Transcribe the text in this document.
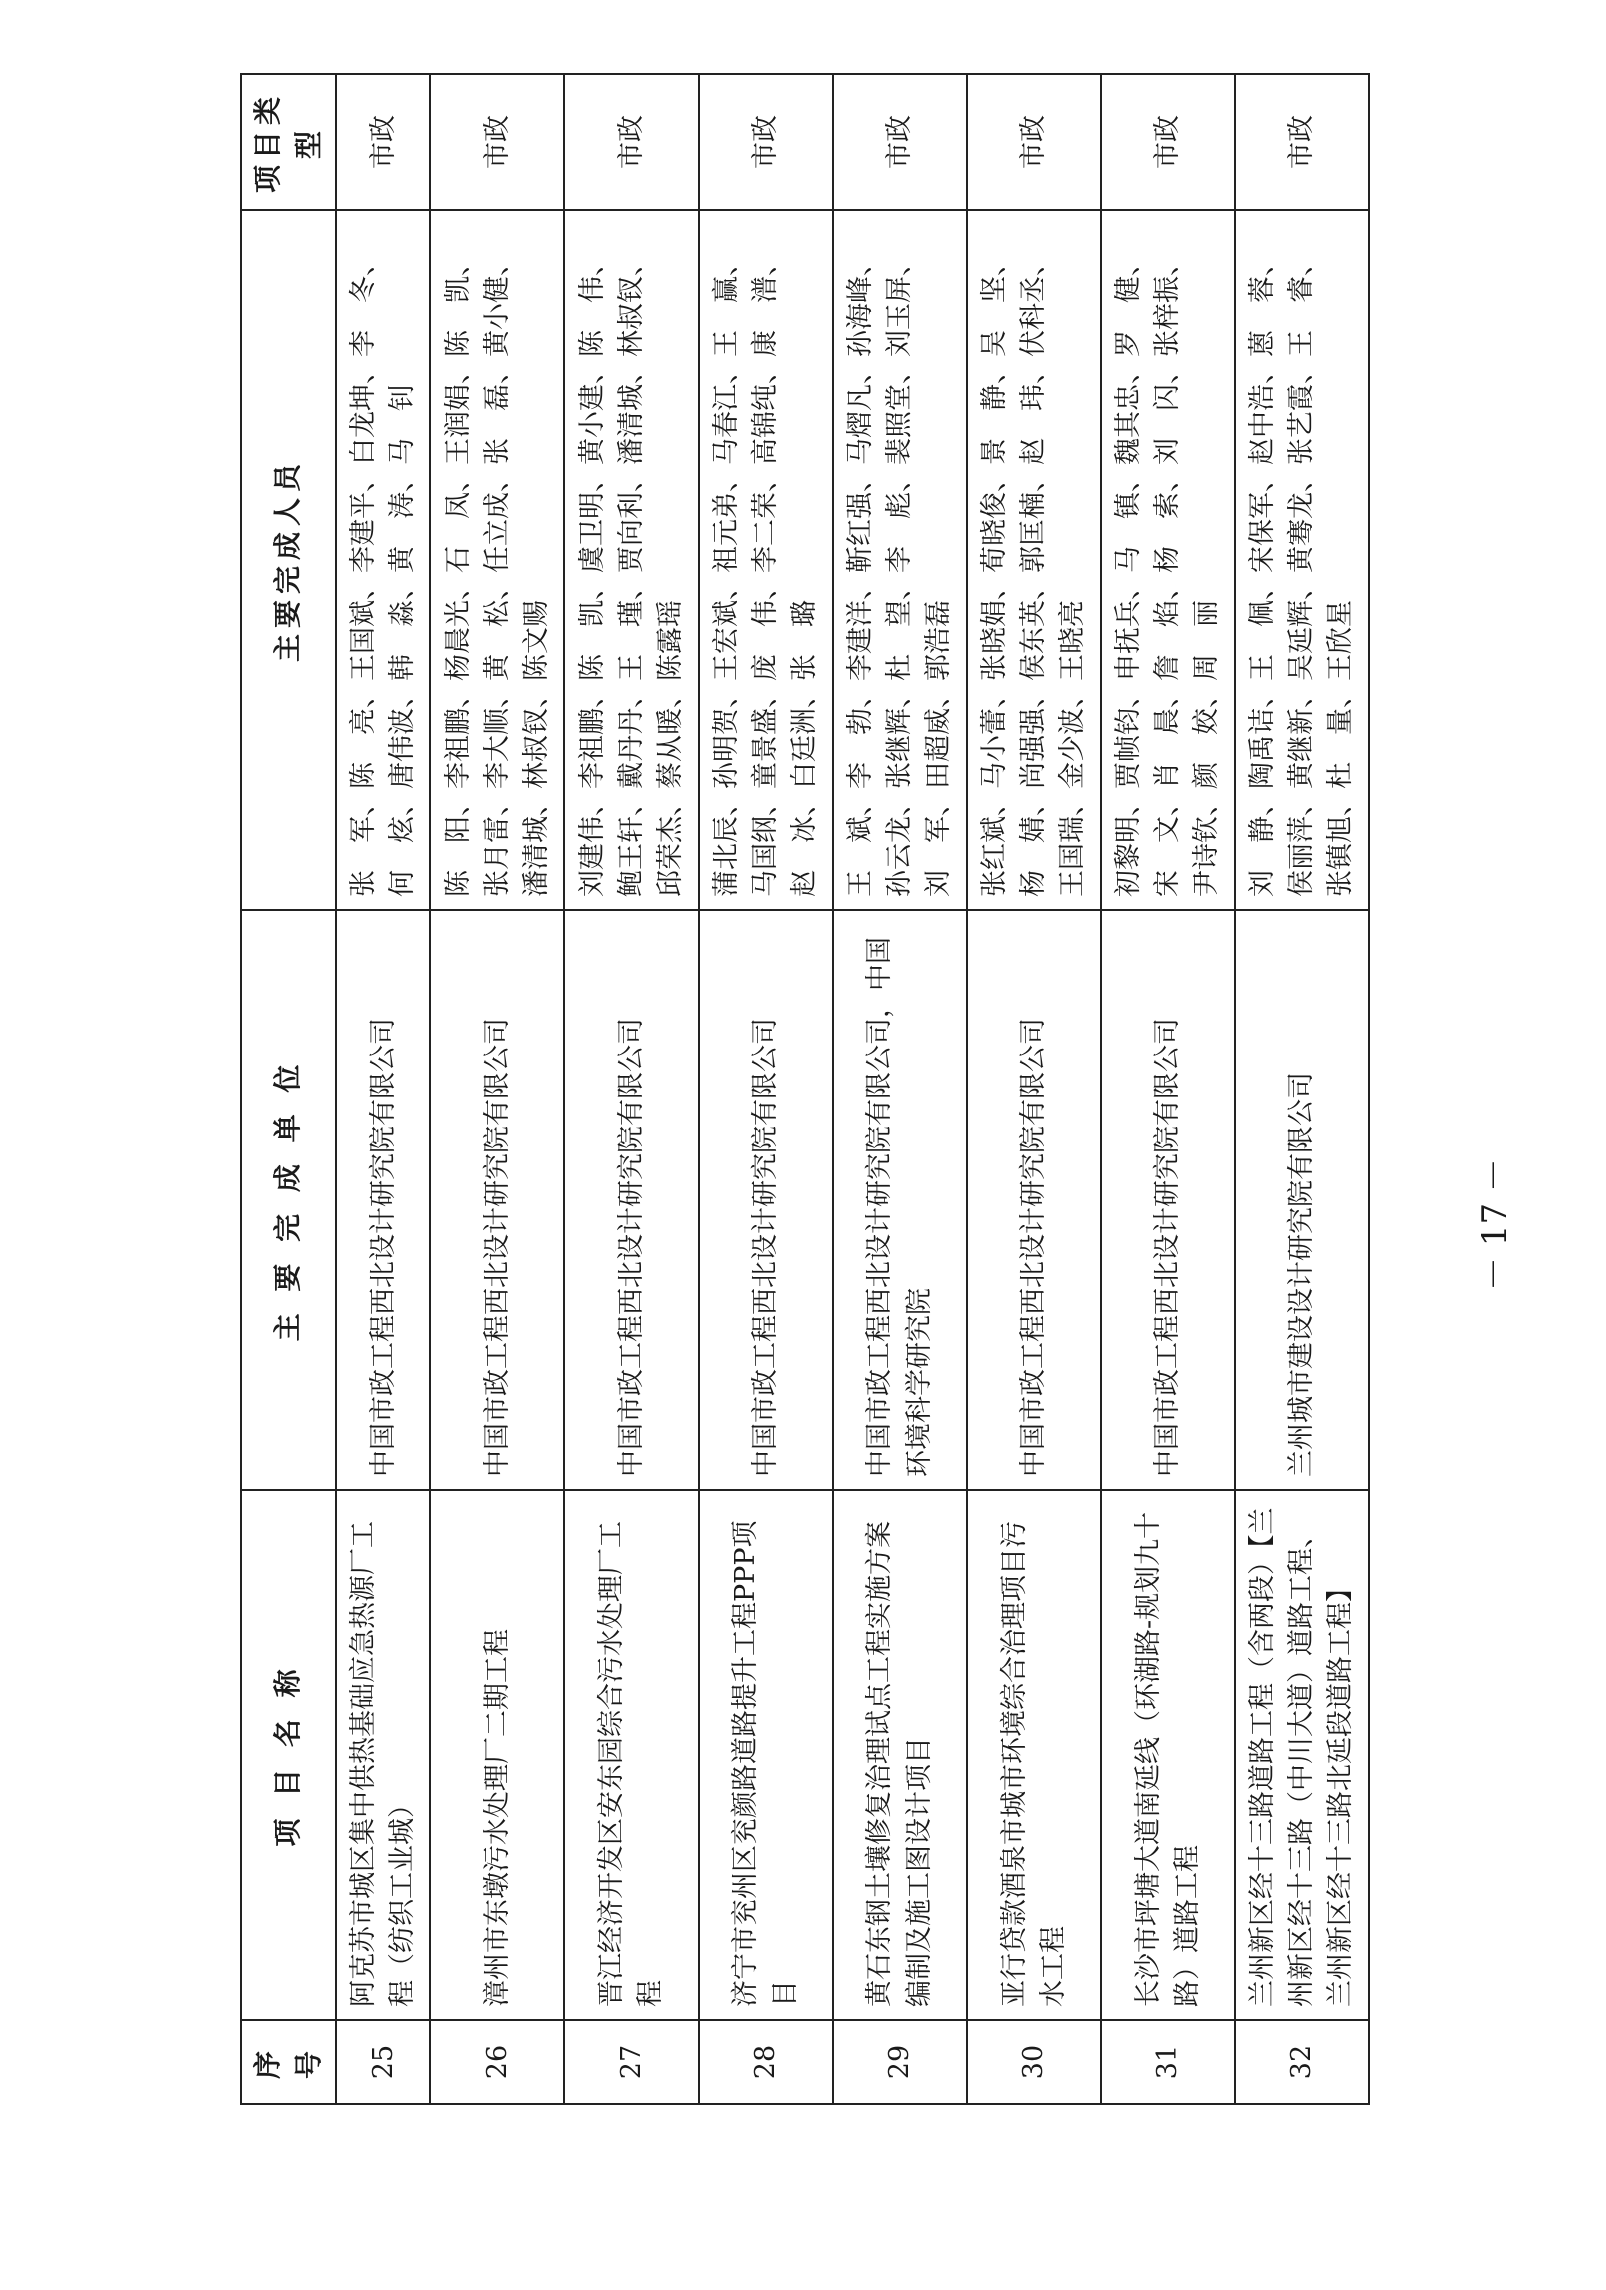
序号	项 目 名 称	主 要 完 成 单 位	主要完成人员	项目类型
25	阿克苏市城区集中供热基础应急热源厂工程（纺织工业城）	中国市政工程西北设计研究院有限公司	张　军、陈　亮、王国斌、李建平、白龙坤、李　冬、何　炫、唐伟波、韩　淼、黄　涛、马　钊	市政
26	漳州市东墩污水处理厂二期工程	中国市政工程西北设计研究院有限公司	陈　阳、李祖鹏、杨晨光、石　凤、王润娟、陈　凯、张月雷、李大顺、黄　松、任立成、张　磊、黄小健、潘清城、林叔钗、陈文赐	市政
27	晋江经济开发区安东园综合污水处理厂工程	中国市政工程西北设计研究院有限公司	刘建伟、李祖鹏、陈　凯、虞卫明、黄小建、陈　伟、鲍王轩、戴丹丹、王　瑾、贾向利、潘清城、林叔钗、邱荣杰、蔡从暖、陈露瑶	市政
28	济宁市兖州区兖颜路道路提升工程PPP项目	中国市政工程西北设计研究院有限公司	蒲北辰、孙明贺、王宏斌、祖元弟、马春江、王　赢、马国纲、童景盛、庞　伟、李二荣、高锦纯、康　潽、赵　冰、白廷洲、张　璐	市政
29	黄石东钢土壤修复治理试点工程实施方案编制及施工图设计项目	中国市政工程西北设计研究院有限公司，中国环境科学研究院	王　斌、李　勃、李建洋、靳红强、马熠凡、孙海峰、孙云龙、张继辉、杜　望、李　彪、裴照堂、刘玉屏、刘　军、田超威、郭浩磊	市政
30	亚行贷款酒泉市城市环境综合治理项目污水工程	中国市政工程西北设计研究院有限公司	张红斌、马小蕾、张晓娟、荀晓俊、景　静、吴　坚、杨　婧、尚强强、侯东英、郭匡楠、赵　玮、伏科丞、王国瑞、金少波、王晓亮	市政
31	长沙市坪塘大道南延线（环湖路-规划九十路）道路工程	中国市政工程西北设计研究院有限公司	初黎明、贾帧钧、申抚兵、马　镇、魏其忠、罗　健、宋　文、肖　晨、詹　焰、杨　索、刘　闪、张梓振、尹诗钦、颜　姣、周　丽	市政
32	兰州新区经十三路道路工程（含两段）【兰州新区经十三路（中川大道）道路工程、兰州新区经十三路北延段道路工程】	兰州城市建设设计研究院有限公司	刘　静、陶禹诘、王　佩、宋保军、赵中浩、蒽　蓉、侯丽萍、黄继新、吴延辉、黄骞龙、张艺霞、王　睿、张镇旭、杜　量、王欣星	市政
－ 17 －
